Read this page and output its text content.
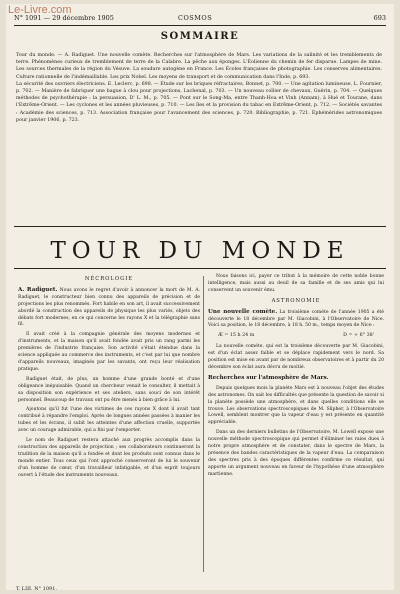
Le-Livre.com
N° 1091 — 29 décembre 1905	COSMOS	693
SOMMAIRE

Tour du monde. — A. Radiguet. Une nouvelle comète. Recherches sur l'atmosphère de Mars. Les variations de la salinité et les tremblements de terre. Phénomènes curieux de tremblement de terre de la Calabre. La pêche aux éponges. L'Éolienne du chemin de fer disparue. Lampes de mine. Les sources thermales de la région du Vésuve. La soudure autogène en France. Les Écoles françaises de photographie. Les conserves alimentaires. Culture rationnelle de l'indémaillable. Les prix Nobel. Les moyens de transport et de communication dans l'Inde, p. 693.

La sécurité des ouvriers électriciens. E. Leclerc, p. 698. — Étude sur les briques réfractaires, Bonnet, p. 700. — Une agitation lumineuse, L. Fournier, p. 702. — Manière de fabriquer une bague à clou pour projections, Lachenal, p. 703. — Un nouveau collier de chevaux, Guérin, p. 704. — Quelques méthodes de psychothérapie : la persuasion, D' L. M., p. 705. — Pont sur le Song-Ma, entre Thanh-Hoa et Vinh (Annam), à Hué et Tourane, dans l'Extrême-Orient. — Les cyclones et les années pluvieuses, p. 710. — Les îles et la provision du tabac en Extrême-Orient, p. 712. — Sociétés savantes : Académie des sciences, p. 713. Association française pour l'avancement des sciences, p. 720. Bibliographie, p. 721. Éphémérides astronomiques pour janvier 1906, p. 723.

TOUR DU MONDE
NÉCROLOGIE

A. Radiguet. Nous avons le regret d'avoir à annoncer la mort de M. A. Radiguet, le constructeur bien connu des appareils de précision et de projections les plus renommés. Fort habile en son art, il avait successivement abordé la construction des appareils de physique les plus variés, objets des débats fort modernes, en ce qui concerne les rayons X et la télégraphie sans fil.

Il avait créé à la compagnie générale des moyens modernes et d'instruments, et la maison qu'il avait fondée avait pris un rang parmi les premières de l'industrie française. Son activité s'était étendue dans la science appliquée au commerce des instruments, et c'est par lui que nombre d'appareils nouveaux, imaginés par les savants, ont reçu leur réalisation pratique.

Radiguet était, de plus, un homme d'une grande bonté et d'une obligeance inépuisable. Quand un chercheur venait le consulter, il mettait à sa disposition son expérience et ses ateliers, sans souci de son intérêt personnel. Beaucoup de travaux ont pu être menés à bien grâce à lui.

Ajoutons qu'il fut l'une des victimes de ces rayons X dont il avait tant contribué à répandre l'emploi. Après de longues années passées à manier les tubes et les écrans, il subit les atteintes d'une affection cruelle, supportée avec un courage admirable, qui a fini par l'emporter.

Le nom de Radiguet restera attaché aux progrès accomplis dans la construction des appareils de projection ; ses collaborateurs continueront la tradition de la maison qu'il a fondée et dont les produits sont connus dans le monde entier. Tous ceux qui l'ont approché conserveront de lui le souvenir d'un homme de cœur, d'un travailleur infatigable, et d'un esprit toujours ouvert à l'étude des instruments nouveaux.

Nous faisons ici, payer ce tribut à la mémoire de cette noble bonne intelligence, mais aussi au deuil de sa famille et de ses amis qui lui conservent un souvenir ému.

ASTRONOMIE

Une nouvelle comète. La troisième comète de l'année 1905 a été découverte le 18 décembre par M. Giacobini, à l'Observatoire de Nice. Voici sa position, le 18 décembre, à 18 h. 50 m., temps moyen de Nice :

Æ = 15 h 24 m	D = + 6° 38'

La nouvelle comète, qui est la troisième découverte par M. Giacobini, est d'un éclat assez faible et se déplace rapidement vers le nord. Sa position est mise en avant par de nombreux observatoires et à partir du 20 décembre son éclat aura décru de moitié.

Recherches sur l'atmosphère de Mars.

Depuis quelques mois la planète Mars est à nouveau l'objet des études des astronomes. On sait les difficultés que présente la question de savoir si la planète possède une atmosphère, et dans quelles conditions elle se trouve. Les observations spectroscopiques de M. Slipher, à l'Observatoire Lowell, semblent montrer que la vapeur d'eau y est présente en quantité appréciable.

Dans un des derniers bulletins de l'Observatoire, M. Lowell expose une nouvelle méthode spectroscopique qui permet d'éliminer les raies dues à notre propre atmosphère et de constater, dans le spectre de Mars, la présence des bandes caractéristiques de la vapeur d'eau. La comparaison des spectres pris à des époques différentes confirme ce résultat, qui apporte un argument nouveau en faveur de l'hypothèse d'une atmosphère martienne.

T. LIII. N° 1091.
